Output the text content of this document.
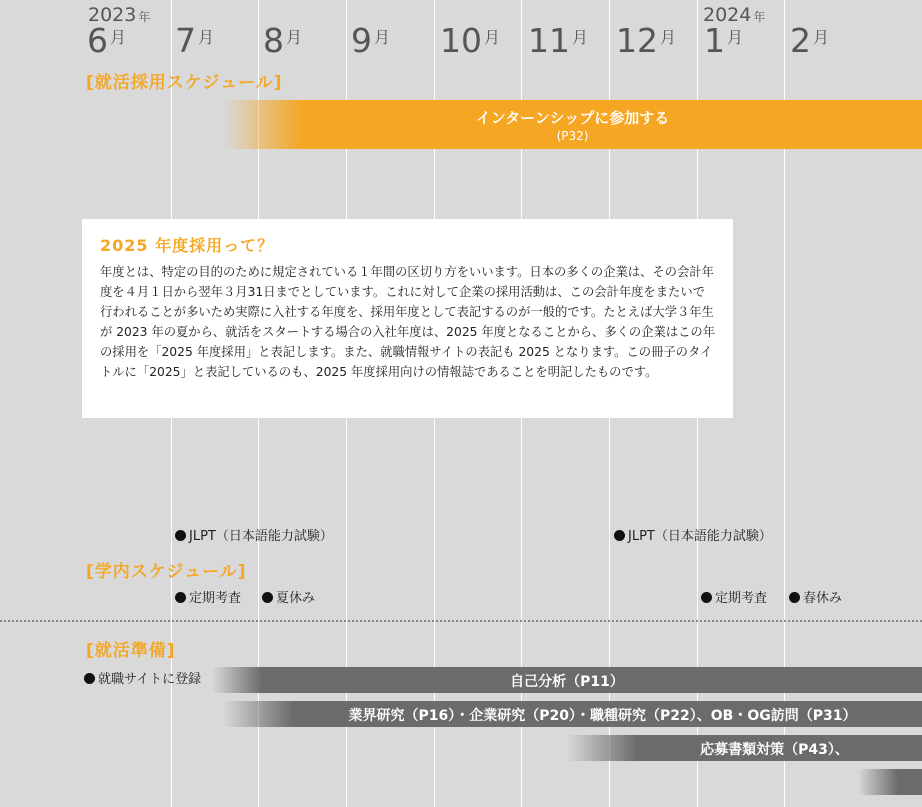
2023 年	2024 年
6 $^月$ 7 $^月$ 8 $^月$ 9 $^月$ 10 $^月$ 11 $^月$ 12 $^月$ 1 $^月$ 2 $^月$
[就活採用スケジュール]
インターンシップに参加する
(P32)
2025 年度採用って？

年度とは、特定の目的のために規定されている１年間の区切り方をいいます。日本の多くの企業は、その会計年度を４月１日から翌年３月31日までとしています。これに対して企業の採用活動は、この会計年度をまたいで行われることが多いため実際に入社する年度を、採用年度として表記するのが一般的です。たとえば大学３年生が 2023 年の夏から、就活をスタートする場合の入社年度は、2025 年度となることから、多くの企業はこの年の採用を「2025 年度採用」と表記します。また、就職情報サイトの表記も 2025 となります。この冊子のタイトルに「2025」と表記しているのも、2025 年度採用向けの情報誌であることを明記したものです。

JLPT（日本語能力試験）	JLPT（日本語能力試験）
[学内スケジュール]
定期考査	夏休み	定期考査	春休み
[就活準備]
就職サイトに登録	自己分析（P11）
業界研究（P16）・企業研究（P20）・職種研究（P22）、OB・OG訪問（P31）
応募書類対策（P43）、
